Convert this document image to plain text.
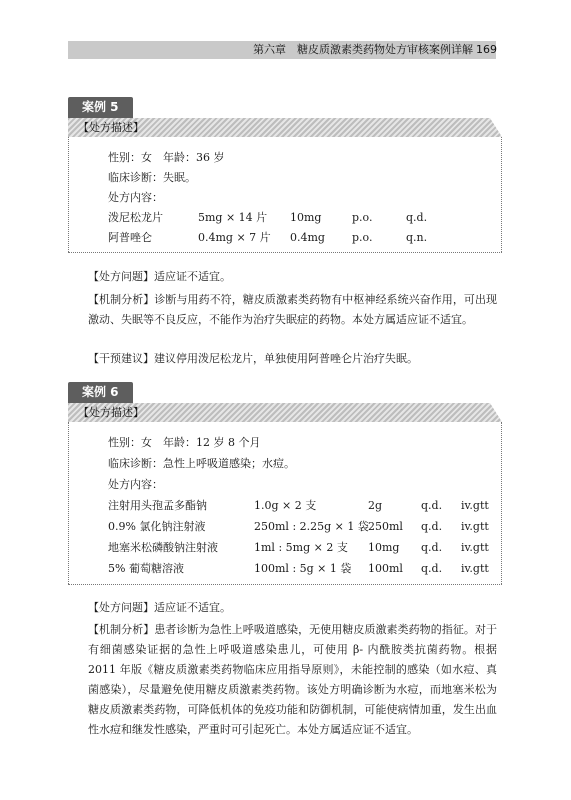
第六章　糖皮质激素类药物处方审核案例详解 169
案例 5
【处方描述】
性别：女　年龄：36 岁
临床诊断：失眠。
处方内容：
泼尼松龙片	5mg × 14 片 10mg	p.o.	q.d.
阿普唑仑	0.4mg × 7 片 0.4mg p.o.	q.n.
【处方问题】适应证不适宜。
【机制分析】诊断与用药不符，糖皮质激素类药物有中枢神经系统兴奋作用，可出现激动、失眠等不良反应，不能作为治疗失眠症的药物。本处方属适应证不适宜。
【干预建议】建议停用泼尼松龙片，单独使用阿普唑仑片治疗失眠。
案例 6
【处方描述】
性别：女　年龄：12 岁 8 个月
临床诊断：急性上呼吸道感染；水痘。
处方内容：
注射用头孢孟多酯钠	1.0g × 2 支	2g	q.d. iv.gtt
0.9% 氯化钠注射液	250ml : 2.25g × 1 袋 250ml q.d. iv.gtt
地塞米松磷酸钠注射液	1ml : 5mg × 2 支 10mg q.d. iv.gtt
5% 葡萄糖溶液	100ml : 5g × 1 袋 100ml q.d. iv.gtt
【处方问题】适应证不适宜。
【机制分析】患者诊断为急性上呼吸道感染，无使用糖皮质激素类药物的指征。对于有细菌感染证据的急性上呼吸道感染患儿，可使用 β- 内酰胺类抗菌药物。根据 2011 年版《糖皮质激素类药物临床应用指导原则》，未能控制的感染（如水痘、真菌感染），尽量避免使用糖皮质激素类药物。该处方明确诊断为水痘，而地塞米松为糖皮质激素类药物，可降低机体的免疫功能和防御机制，可能使病情加重，发生出血性水痘和继发性感染，严重时可引起死亡。本处方属适应证不适宜。
